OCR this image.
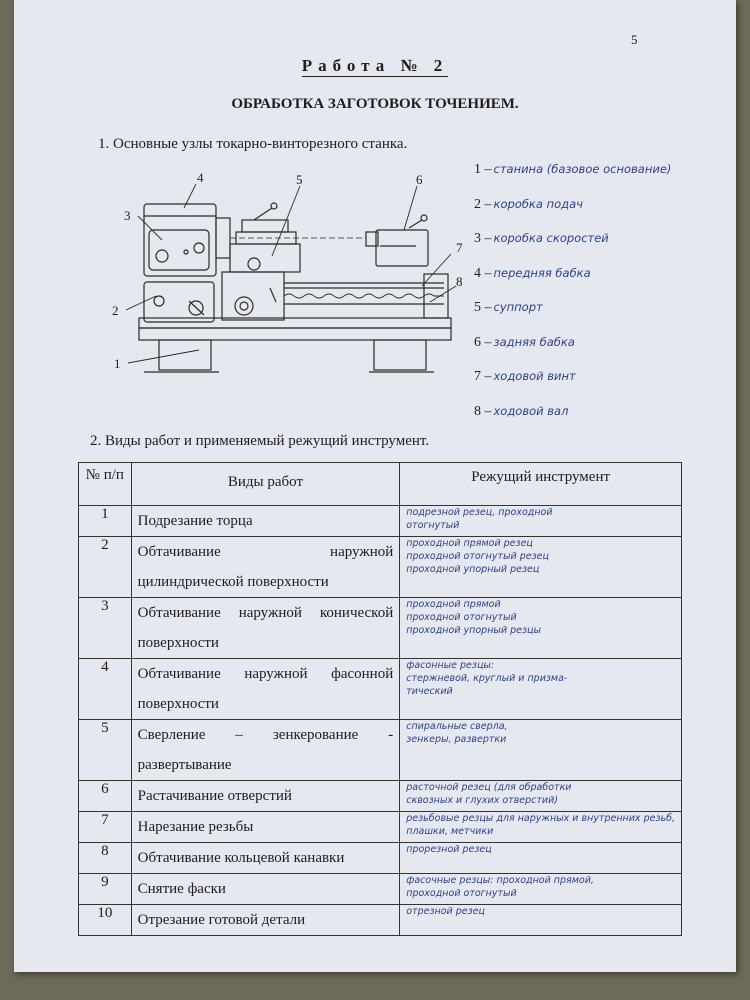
5
Работа № 2
ОБРАБОТКА ЗАГОТОВОК ТОЧЕНИЕМ.
1. Основные узлы токарно-винторезного станка.
1
2
3
4	5	6
7
8
1 – станина (базовое основание)
2 – коробка подач
3 – коробка скоростей
4 – передняя бабка
5 – суппорт
6 – задняя бабка
7 – ходовой винт
8 – ходовой вал
2. Виды работ и применяемый режущий инструмент.
№ п/п	Виды работ	Режущий инструмент
1	Подрезание торца	подрезной резец, проходной
отогнутый

2	Обтачивание наружной цилиндрической поверхности	проходной прямой резец
проходной отогнутый резец
проходной упорный резец

3	Обтачивание наружной конической поверхности	проходной прямой
проходной отогнутый
проходной упорный резцы

4	Обтачивание наружной фасонной поверхности	фасонные резцы:
стержневой, круглый и призма-
тический

5	Сверление – зенкерование - развертывание	спиральные сверла,
зенкеры, развертки

6	Растачивание отверстий	расточной резец (для обработки
сквозных и глухих отверстий)

7	Нарезание резьбы	резьбовые резцы для наружных и внутренних резьб,
плашки, метчики

8	Обтачивание кольцевой канавки	прорезной резец

9	Снятие фаски	фасочные резцы: проходной прямой,
проходной отогнутый

10	Отрезание готовой детали	отрезной резец
